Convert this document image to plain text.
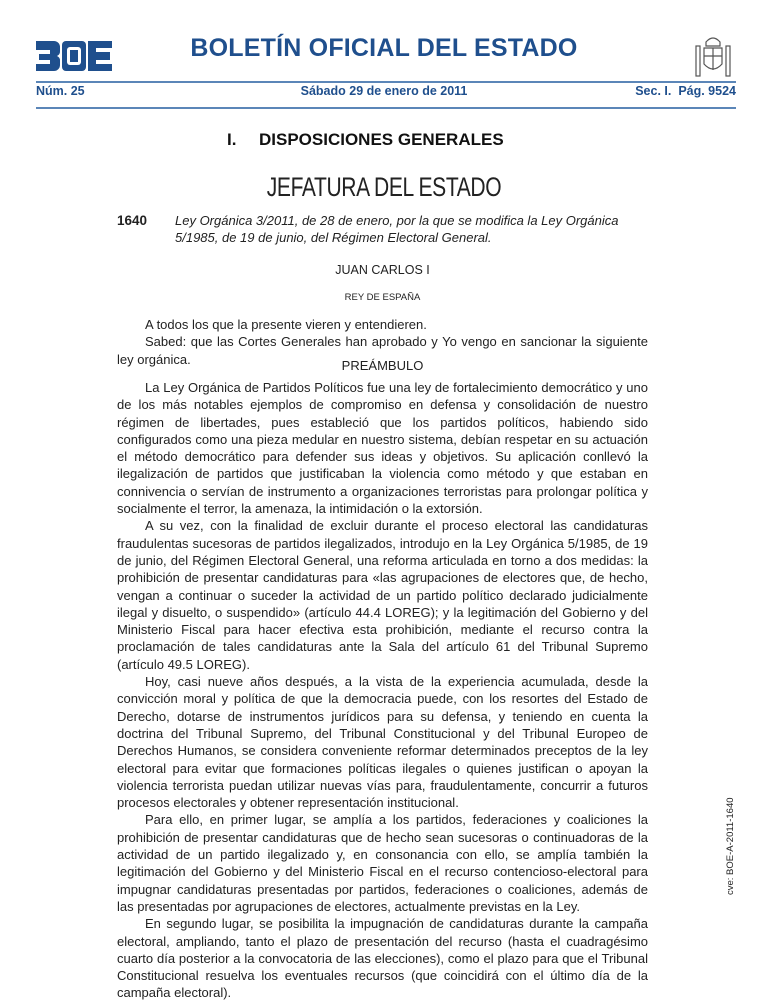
BOLETÍN OFICIAL DEL ESTADO
Núm. 25	Sábado 29 de enero de 2011	Sec. I. Pág. 9524
I. DISPOSICIONES GENERALES
JEFATURA DEL ESTADO
1640 Ley Orgánica 3/2011, de 28 de enero, por la que se modifica la Ley Orgánica 5/1985, de 19 de junio, del Régimen Electoral General.
JUAN CARLOS I
REY DE ESPAÑA

A todos los que la presente vieren y entendieren.

Sabed: que las Cortes Generales han aprobado y Yo vengo en sancionar la siguiente ley orgánica.	PREÁMBULO

La Ley Orgánica de Partidos Políticos fue una ley de fortalecimiento democrático y uno de los más notables ejemplos de compromiso en defensa y consolidación de nuestro régimen de libertades, pues estableció que los partidos políticos, habiendo sido configurados como una pieza medular en nuestro sistema, debían respetar en su actuación el método democrático para defender sus ideas y objetivos. Su aplicación conllevó la ilegalización de partidos que justificaban la violencia como método y que estaban en connivencia o servían de instrumento a organizaciones terroristas para prolongar política y socialmente el terror, la amenaza, la intimidación o la extorsión.

A su vez, con la finalidad de excluir durante el proceso electoral las candidaturas fraudulentas sucesoras de partidos ilegalizados, introdujo en la Ley Orgánica 5/1985, de 19 de junio, del Régimen Electoral General, una reforma articulada en torno a dos medidas: la prohibición de presentar candidaturas para «las agrupaciones de electores que, de hecho, vengan a continuar o suceder la actividad de un partido político declarado judicialmente ilegal y disuelto, o suspendido» (artículo 44.4 LOREG); y la legitimación del Gobierno y del Ministerio Fiscal para hacer efectiva esta prohibición, mediante el recurso contra la proclamación de tales candidaturas ante la Sala del artículo 61 del Tribunal Supremo (artículo 49.5 LOREG).

Hoy, casi nueve años después, a la vista de la experiencia acumulada, desde la convicción moral y política de que la democracia puede, con los resortes del Estado de Derecho, dotarse de instrumentos jurídicos para su defensa, y teniendo en cuenta la doctrina del Tribunal Supremo, del Tribunal Constitucional y del Tribunal Europeo de Derechos Humanos, se considera conveniente reformar determinados preceptos de la ley electoral para evitar que formaciones políticas ilegales o quienes justifican o apoyan la violencia terrorista puedan utilizar nuevas vías para, fraudulentamente, concurrir a futuros procesos electorales y obtener representación institucional.

Para ello, en primer lugar, se amplía a los partidos, federaciones y coaliciones la prohibición de presentar candidaturas que de hecho sean sucesoras o continuadoras de la actividad de un partido ilegalizado y, en consonancia con ello, se amplía también la legitimación del Gobierno y del Ministerio Fiscal en el recurso contencioso-electoral para impugnar candidaturas presentadas por partidos, federaciones o coaliciones, además de las presentadas por agrupaciones de electores, actualmente previstas en la Ley.

En segundo lugar, se posibilita la impugnación de candidaturas durante la campaña electoral, ampliando, tanto el plazo de presentación del recurso (hasta el cuadragésimo cuarto día posterior a la convocatoria de las elecciones), como el plazo para que el Tribunal Constitucional resuelva los eventuales recursos (que coincidirá con el último día de la campaña electoral).

cve: BOE-A-2011-1640
